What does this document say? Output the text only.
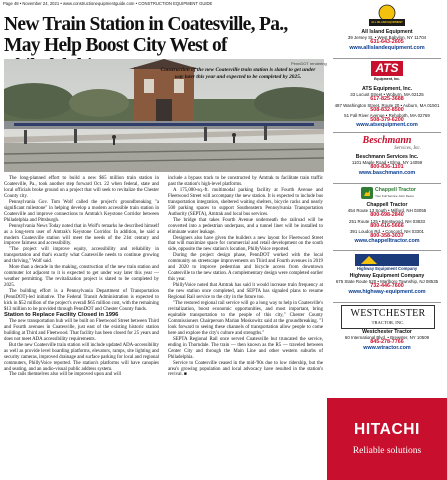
Page 48 • November 24, 2021 • www.constructionequipmentguide.com • CONSTRUCTION EQUIPMENT GUIDE
New Train Station in Coatesville, Pa., May Help Boost City West of
PennDOT rendering

Construction of the new Coatesville train station is slated to get under way later this year and expected to be completed by 2025.

The long-planned effort to build a new $65 million train station in Coatesville, Pa., took another step forward Oct. 22 when federal, state and local officials broke ground on a project that will seek to revitalize the Chester County city.

Pennsylvania Gov. Tom Wolf called the project's groundbreaking "a significant milestone" in helping develop a modern accessible train station in Coatesville and improve connections to Amtrak's Keystone Corridor between Philadelphia and Pittsburgh.

Pennsylvania News Today noted that in Wolf's remarks he described himself as a long-term user of Amtrak's Keystone Corridor. In addition, he said a modern Coatesville station will meet the needs of the 21st century and improve fairness and accessibility.

"The project will improve equity, accessibility and reliability in transportation and that's exactly what Coatesville needs to continue growing and thriving," Wolf said.

More than a decade in the making, construction of the new train station and commuter lot adjacent to it is expected to get under way later this year — weather permitting. The revitalization project is slated to be completed by 2025.

The building effort is a Pennsylvania Department of Transportation (PennDOT)-led initiative. The Federal Transit Administration is expected to kick in $52 million of the project's overall $65 million cost, with the remaining $13 million to be provided through PennDOT and Chester County funds.

Station to Replace Facility Closed in 1996

The new transportation hub will be built on Fleetwood Street between Third and Fourth avenues in Coatesville, just east of the existing historic station building at Third and Fleetwood. That facility has been closed for 25 years and does not meet ADA accessibility requirements.

But the new Coatesville train station will include updated ADA-accessibility as well as provide level boarding platforms, elevators, ramps, site lighting and security cameras, improved drainage and surface parking for local and regional commuters, PhillyVoice reported. The station's platforms will have canopies and seating, and an audio-visual public address system.

The rails themselves also will be improved upon and will

include a bypass track to be constructed by Amtrak to facilitate train traffic past the station's high-level platforms.

A 175,000-sq.-ft. multimodal parking facility at Fourth Avenue and Fleetwood Street will accompany the new station. It is expected to include bus transportation integration, sheltered waiting shelters, bicycle racks and nearly 500 parking spaces to support Southeastern Pennsylvania Transportation Authority (SEPTA), Amtrak and local bus services.

The bridge that takes Fourth Avenue underneath the railroad will be converted into a pedestrian underpass, and a tunnel liner will be installed to eliminate water leakage.

Designers also have given the builders a new layout for Fleetwood Street that will maximize space for commercial and retail development on the south side, opposite the new station's location, PhillyVoice reported.

During the project design phase, PennDOT worked with the local community on streetscape improvements on Third and Fourth avenues in 2019 and 2020 to improve pedestrian and bicycle access from downtown Coatesville to the new station. A complementary design were completed earlier this year.

PhillyVoice noted that Amtrak has said it would increase train frequency at the new station once completed, and SEPTA has signaled plans to resume Regional Rail service to the city in the future too.

"The restored regional rail service will go a long way to help in Coatesville's revitalization, boost economic opportunities, and most important, bring equitable transportation to the people of this city," Chester County Commissioners Chairperson Marian Moskowitz said at the groundbreaking. "I look forward to seeing these channels of transportation allow people to come here and explore the city's culture and strengths."

SEPTA Regional Rail once served Coatesville but truncated the service, ending in Thorndale. The train — then known as the R5 — traveled between Center City and through the Main Line and other western suburbs of Philadelphia.

Service to Coatesville ceased in the mid-'90s due to low ridership, but the area's growing population and local advocacy have resulted in the station's revival. ■

ALL ISLAND EQUIPMENT
All Island Equipment
39 Jersey St. • West Babylon, NY 11704
631-643-2605
www.allislandequipment.com
ATS
Equipment, Inc.
ATS Equipment, Inc.
33 Locust Street • Woburn, MA 02125
617-825-3688
487 Washington Street, Route 20 • Auburn, MA 01501
508-832-8500
51 Fall River Avenue • Rehoboth, MA 02769
508-379-6200
www.atsequipment.com
Beschmann
Services, Inc.
Beschmann Services Inc.
1101 Maple Road • Elma, NY 14059
800-836-1101
www.baschmann.com
Chappell Tractor
Your Full Service John Deere
Chappell Tractor
454 Route 13 South • Milford, NH 03055
800-698-2840
251 Route 125 • Brentwood, NH 03833
800-616-5666
391 Loudon Rd. • Concord, NH 03301
800-358-3037
www.chappelltractor.com
Highway Equipment Company
Highway Equipment Company
675 State Route 520 • Marlboro Township, NJ 08535
732-446-7600
www.highway-equipment.com
WESTCHESTER
TRACTOR, INC.
Westchester Tractor
60 International Blvd. • Brewster, NY 10509
845-278-7766
www.wtractor.com
HITACHI
Reliable solutions
